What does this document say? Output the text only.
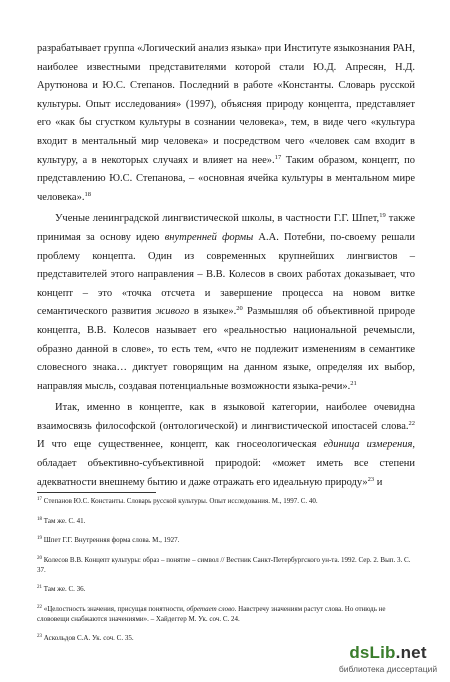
разрабатывает группа «Логический анализ языка» при Институте языкознания РАН, наиболее известными представителями которой стали Ю.Д. Апресян, Н.Д. Арутюнова и Ю.С. Степанов. Последний в работе «Константы. Словарь русской культуры. Опыт исследования» (1997), объясняя природу концепта, представляет его «как бы сгустком культуры в сознании человека», тем, в виде чего «культура входит в ментальный мир человека» и посредством чего «человек сам входит в культуру, а в некоторых случаях и влияет на нее».$^{17}$ Таким образом, концепт, по представлению Ю.С. Степанова, – «основная ячейка культуры в ментальном мире человека».$^{18}$

Ученые ленинградской лингвистической школы, в частности Г.Г. Шпет,$^{19}$ также принимая за основу идею внутренней формы А.А. Потебни, по-своему решали проблему концепта. Один из современных крупнейших лингвистов – представителей этого направления – В.В. Колесов в своих работах доказывает, что концепт – это «точка отсчета и завершение процесса на новом витке семантического развития живого в языке».$^{20}$ Размышляя об объективной природе концепта, В.В. Колесов называет его «реальностью национальной речемысли, образно данной в слове», то есть тем, «что не подлежит изменениям в семантике словесного знака… диктует говорящим на данном языке, определяя их выбор, направляя мысль, создавая потенциальные возможности языка-речи».$^{21}$

Итак, именно в концепте, как в языковой категории, наиболее очевидна взаимосвязь философской (онтологической) и лингвистической ипостасей слова.$^{22}$ И что еще существеннее, концепт, как гносеологическая единица измерения, обладает объективно-субъективной природой: «может иметь все степени адекватности внешнему бытию и даже отражать его идеальную природу»$^{23}$ и

$^{17}$ Степанов Ю.С. Константы. Словарь русской культуры. Опыт исследования. М., 1997. С. 40.
$^{18}$ Там же. С. 41.
$^{19}$ Шпет Г.Г. Внутренняя форма слова. М., 1927.
$^{20}$ Колесов В.В. Концепт культуры: образ – понятие – символ // Вестник Санкт-Петербургского ун-та. 1992. Сер. 2. Вып. 3. С. 37.
$^{21}$ Там же. С. 36.
$^{22}$ «Целостность значения, присущая понятности, обретает слово. Навстречу значениям растут слова. Но отнюдь не слововещи снабжаются значениями». – Хайдеггер М. Ук. соч. С. 24.
$^{23}$ Аскольдов С.А. Ук. соч. С. 35.
dsLib.net
библиотека диссертаций
